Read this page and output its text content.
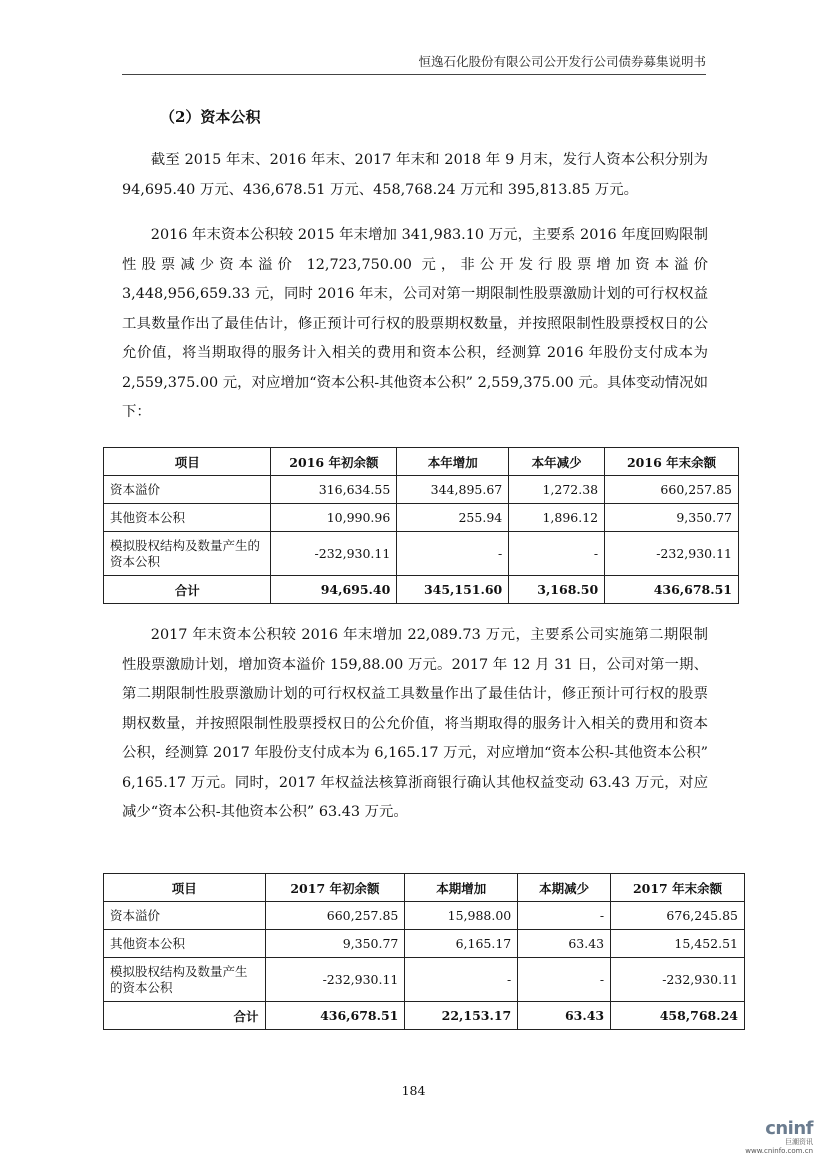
恒逸石化股份有限公司公开发行公司债券募集说明书
（2）资本公积

截至 2015 年末、2016 年末、2017 年末和 2018 年 9 月末，发行人资本公积分别为 94,695.40 万元、436,678.51 万元、458,768.24 万元和 395,813.85 万元。

2016 年末资本公积较 2015 年末增加 341,983.10 万元，主要系 2016 年度回购限制性股票减少资本溢价 12,723,750.00 元，非公开发行股票增加资本溢价 3,448,956,659.33 元，同时 2016 年末，公司对第一期限制性股票激励计划的可行权权益工具数量作出了最佳估计，修正预计可行权的股票期权数量，并按照限制性股票授权日的公允价值，将当期取得的服务计入相关的费用和资本公积，经测算 2016 年股份支付成本为 2,559,375.00 元，对应增加“资本公积-其他资本公积” 2,559,375.00 元。具体变动情况如下：

项目	2016 年初余额	本年增加	本年减少	2016 年末余额
资本溢价	316,634.55	344,895.67	1,272.38	660,257.85
其他资本公积	10,990.96	255.94	1,896.12	9,350.77
模拟股权结构及数量产生的资本公积	-232,930.11	-	-	-232,930.11
合计	94,695.40	345,151.60	3,168.50	436,678.51

2017 年末资本公积较 2016 年末增加 22,089.73 万元，主要系公司实施第二期限制性股票激励计划，增加资本溢价 159,88.00 万元。2017 年 12 月 31 日，公司对第一期、第二期限制性股票激励计划的可行权权益工具数量作出了最佳估计，修正预计可行权的股票期权数量，并按照限制性股票授权日的公允价值，将当期取得的服务计入相关的费用和资本公积，经测算 2017 年股份支付成本为 6,165.17 万元，对应增加“资本公积-其他资本公积” 6,165.17 万元。同时，2017 年权益法核算浙商银行确认其他权益变动 63.43 万元，对应减少“资本公积-其他资本公积” 63.43 万元。

项目	2017 年初余额	本期增加	本期减少	2017 年末余额
资本溢价	660,257.85	15,988.00	-	676,245.85
其他资本公积	9,350.77	6,165.17	63.43	15,452.51
模拟股权结构及数量产生的资本公积	-232,930.11	-	-	-232,930.11
合计	436,678.51	22,153.17	63.43	458,768.24
184
cninf
巨潮资讯
www.cninfo.com.cn
